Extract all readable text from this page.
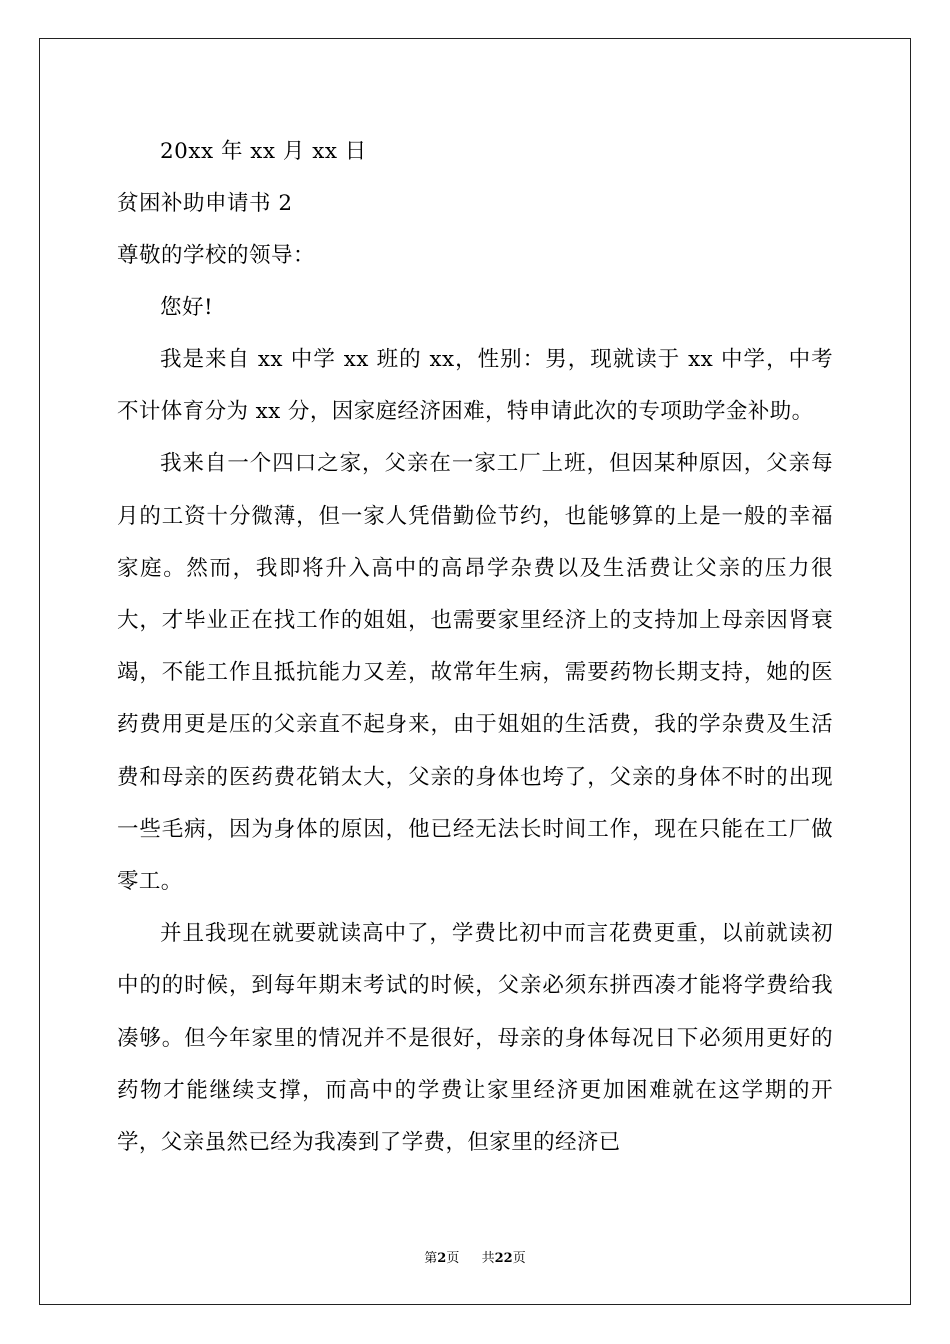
20xx 年 xx 月 xx 日
贫困补助申请书 2
尊敬的学校的领导：
您好!

我是来自 xx 中学 xx 班的 xx，性别：男，现就读于 xx 中学，中考不计体育分为 xx 分，因家庭经济困难，特申请此次的专项助学金补助。

我来自一个四口之家，父亲在一家工厂上班，但因某种原因，父亲每月的工资十分微薄，但一家人凭借勤俭节约，也能够算的上是一般的幸福家庭。然而，我即将升入高中的高昂学杂费以及生活费让父亲的压力很大，才毕业正在找工作的姐姐，也需要家里经济上的支持加上母亲因肾衰竭，不能工作且抵抗能力又差，故常年生病，需要药物长期支持，她的医药费用更是压的父亲直不起身来，由于姐姐的生活费，我的学杂费及生活费和母亲的医药费花销太大，父亲的身体也垮了，父亲的身体不时的出现一些毛病，因为身体的原因，他已经无法长时间工作，现在只能在工厂做零工。

并且我现在就要就读高中了，学费比初中而言花费更重，以前就读初中的的时候，到每年期末考试的时候，父亲必须东拼西凑才能将学费给我凑够。但今年家里的情况并不是很好，母亲的身体每况日下必须用更好的药物才能继续支撑，而高中的学费让家里经济更加困难就在这学期的开学，父亲虽然已经为我凑到了学费，但家里的经济已

第2页 共22页
